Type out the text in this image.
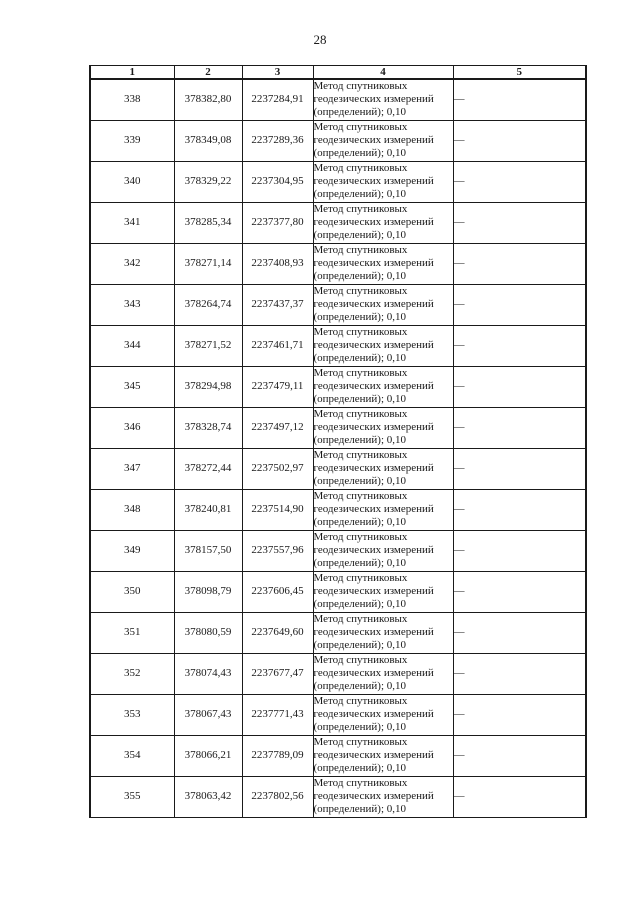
28
1	2	3	4	5
338	378382,80	2237284,91	Метод спутниковых
геодезических измерений
(определений); 0,10	—
339	378349,08	2237289,36	Метод спутниковых
геодезических измерений
(определений); 0,10	—
340	378329,22	2237304,95	Метод спутниковых
геодезических измерений
(определений); 0,10	—
341	378285,34	2237377,80	Метод спутниковых
геодезических измерений
(определений); 0,10	—
342	378271,14	2237408,93	Метод спутниковых
геодезических измерений
(определений); 0,10	—
343	378264,74	2237437,37	Метод спутниковых
геодезических измерений
(определений); 0,10	—
344	378271,52	2237461,71	Метод спутниковых
геодезических измерений
(определений); 0,10	—
345	378294,98	2237479,11	Метод спутниковых
геодезических измерений
(определений); 0,10	—
346	378328,74	2237497,12	Метод спутниковых
геодезических измерений
(определений); 0,10	—
347	378272,44	2237502,97	Метод спутниковых
геодезических измерений
(определений); 0,10	—
348	378240,81	2237514,90	Метод спутниковых
геодезических измерений
(определений); 0,10	—
349	378157,50	2237557,96	Метод спутниковых
геодезических измерений
(определений); 0,10	—
350	378098,79	2237606,45	Метод спутниковых
геодезических измерений
(определений); 0,10	—
351	378080,59	2237649,60	Метод спутниковых
геодезических измерений
(определений); 0,10	—
352	378074,43	2237677,47	Метод спутниковых
геодезических измерений
(определений); 0,10	—
353	378067,43	2237771,43	Метод спутниковых
геодезических измерений
(определений); 0,10	—
354	378066,21	2237789,09	Метод спутниковых
геодезических измерений
(определений); 0,10	—
355	378063,42	2237802,56	Метод спутниковых
геодезических измерений
(определений); 0,10	—
